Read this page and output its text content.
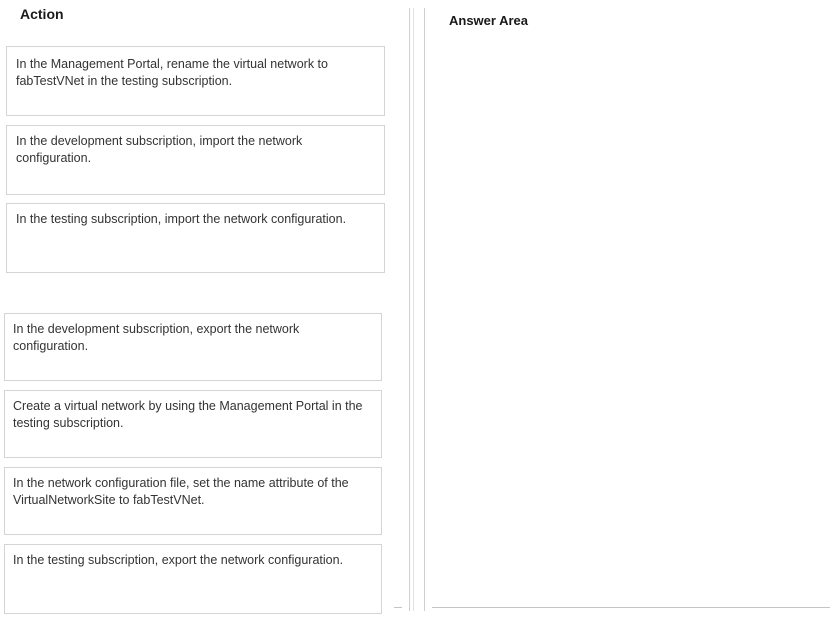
Action
In the Management Portal, rename the virtual network to fabTestVNet in the testing subscription.
In the development subscription, import the network configuration.
In the testing subscription, import the network configuration.
In the development subscription, export the network configuration.
Create a virtual network by using the Management Portal in the testing subscription.
In the network configuration file, set the name attribute of the VirtualNetworkSite to fabTestVNet.
In the testing subscription, export the network configuration.
Answer Area
